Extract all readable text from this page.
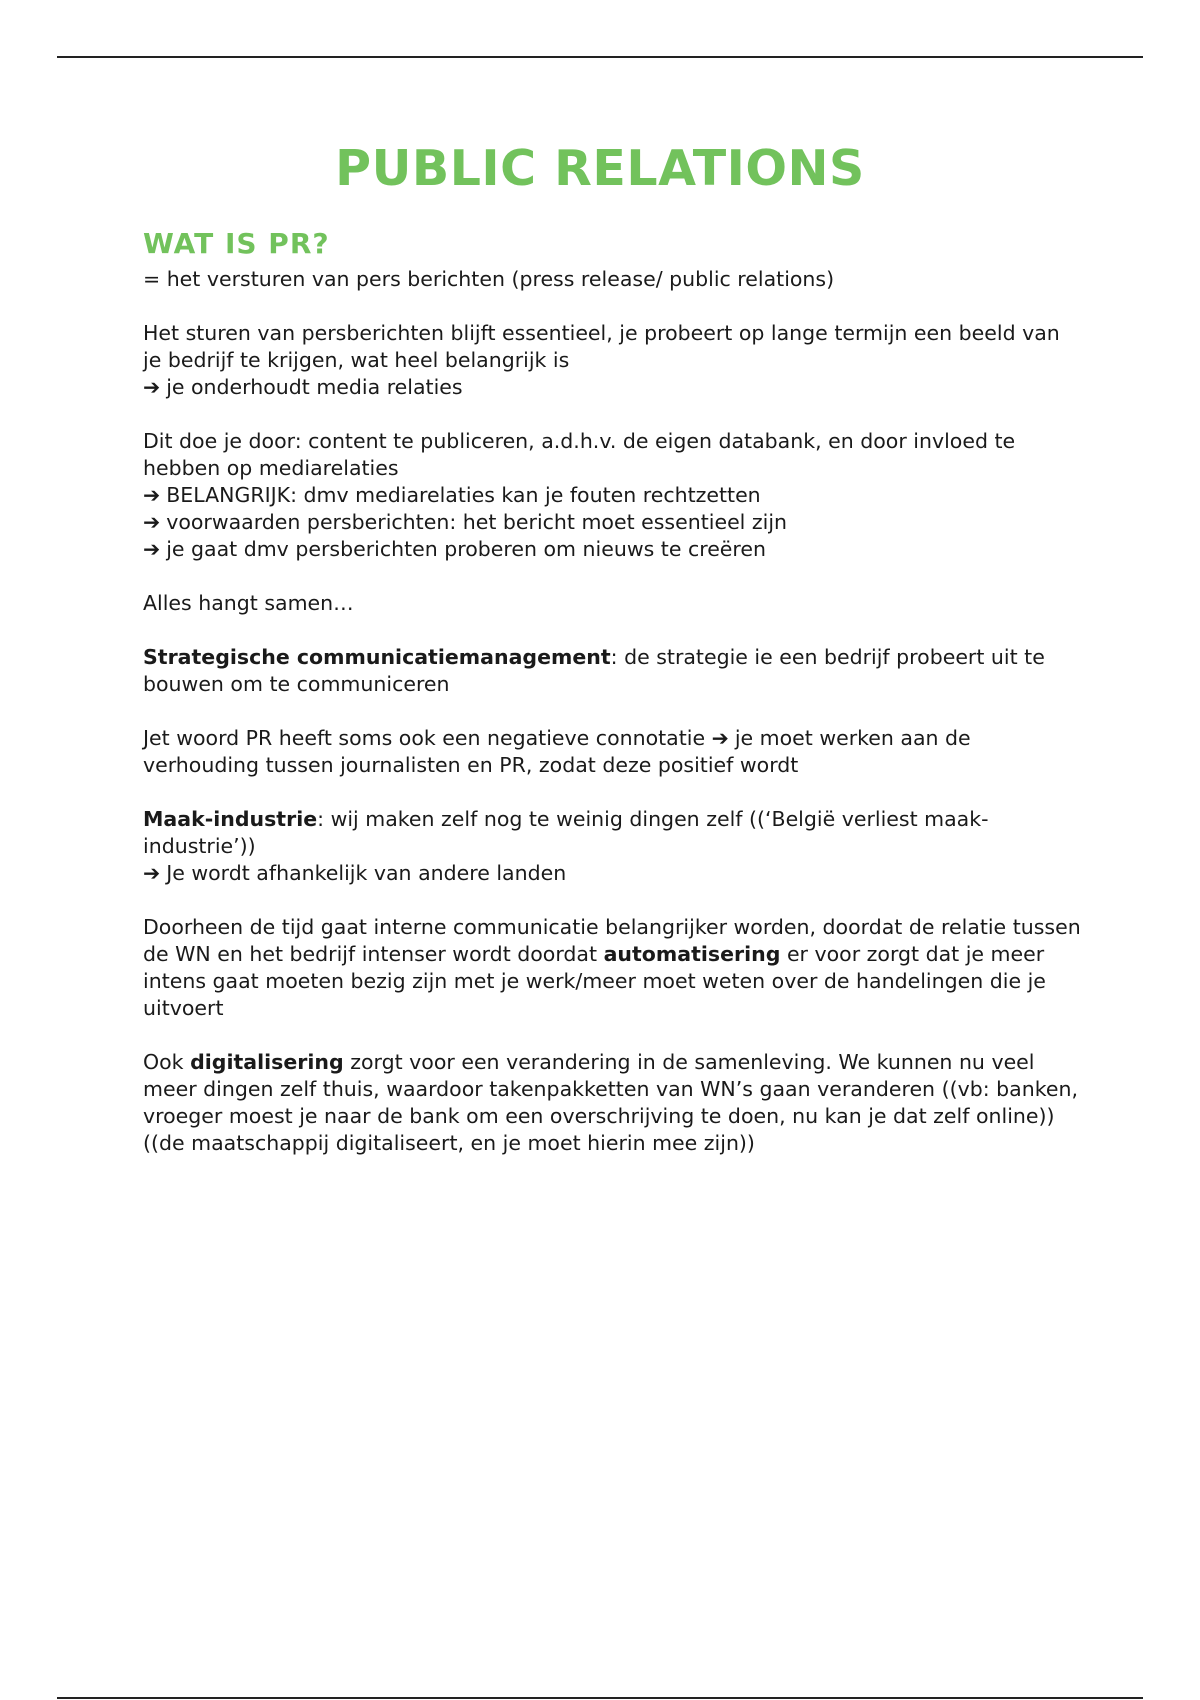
PUBLIC RELATIONS
WAT IS PR?

= het versturen van pers berichten (press release/ public relations)

Het sturen van persberichten blijft essentieel, je probeert op lange termijn een beeld van je bedrijf te krijgen, wat heel belangrijk is
➔ je onderhoudt media relaties

Dit doe je door: content te publiceren, a.d.h.v. de eigen databank, en door invloed te hebben op mediarelaties
➔ BELANGRIJK: dmv mediarelaties kan je fouten rechtzetten
➔ voorwaarden persberichten: het bericht moet essentieel zijn
➔ je gaat dmv persberichten proberen om nieuws te creëren

Alles hangt samen…

Strategische communicatiemanagement: de strategie ie een bedrijf probeert uit te bouwen om te communiceren

Jet woord PR heeft soms ook een negatieve connotatie ➔ je moet werken aan de verhouding tussen journalisten en PR, zodat deze positief wordt

Maak-industrie: wij maken zelf nog te weinig dingen zelf ((‘België verliest maak-industrie’))
➔ Je wordt afhankelijk van andere landen

Doorheen de tijd gaat interne communicatie belangrijker worden, doordat de relatie tussen de WN en het bedrijf intenser wordt doordat automatisering er voor zorgt dat je meer intens gaat moeten bezig zijn met je werk/meer moet weten over de handelingen die je uitvoert

Ook digitalisering zorgt voor een verandering in de samenleving. We kunnen nu veel meer dingen zelf thuis, waardoor takenpakketten van WN’s gaan veranderen ((vb: banken, vroeger moest je naar de bank om een overschrijving te doen, nu kan je dat zelf online)) ((de maatschappij digitaliseert, en je moet hierin mee zijn))
